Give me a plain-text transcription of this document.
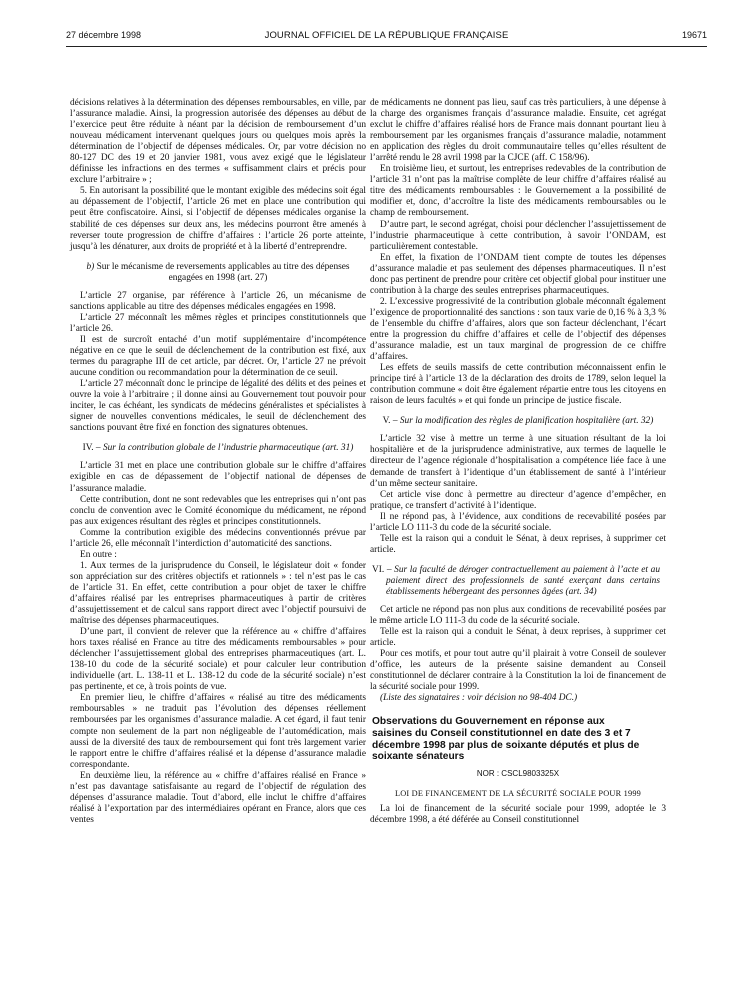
27 décembre 1998	JOURNAL OFFICIEL DE LA RÉPUBLIQUE FRANÇAISE	19671

décisions relatives à la détermination des dépenses remboursables, en ville, par l’assurance maladie. Ainsi, la progression autorisée des dépenses au début de l’exercice peut être réduite à néant par la décision de remboursement d’un nouveau médicament intervenant quelques jours ou quelques mois après la détermination de l’objectif de dépenses médicales. Or, par votre décision no 80-127 DC des 19 et 20 janvier 1981, vous avez exigé que le législateur définisse les infractions en des termes « suffisamment clairs et précis pour exclure l’arbitraire » ;

5. En autorisant la possibilité que le montant exigible des médecins soit égal au dépassement de l’objectif, l’article 26 met en place une contribution qui peut être confiscatoire. Ainsi, si l’objectif de dépenses médicales organise la stabilité de ces dépenses sur deux ans, les médecins pourront être amenés à reverser toute progression de chiffre d’affaires : l’article 26 porte atteinte, jusqu’à les dénaturer, aux droits de propriété et à la liberté d’entreprendre.

b) Sur le mécanisme de reversements applicables au titre des dépenses engagées en 1998 (art. 27)

L’article 27 organise, par référence à l’article 26, un mécanisme de sanctions applicable au titre des dépenses médicales engagées en 1998.

L’article 27 méconnaît les mêmes règles et principes constitutionnels que l’article 26.

Il est de surcroît entaché d’un motif supplémentaire d’incompétence négative en ce que le seuil de déclenchement de la contribution est fixé, aux termes du paragraphe III de cet article, par décret. Or, l’article 27 ne prévoit aucune condition ou recommandation pour la détermination de ce seuil.

L’article 27 méconnaît donc le principe de légalité des délits et des peines et ouvre la voie à l’arbitraire ; il donne ainsi au Gouvernement tout pouvoir pour inciter, le cas échéant, les syndicats de médecins généralistes et spécialistes à signer de nouvelles conventions médicales, le seuil de déclenchement des sanctions pouvant être fixé en fonction des signatures obtenues.

IV. – Sur la contribution globale de l’industrie pharmaceutique (art. 31)

L’article 31 met en place une contribution globale sur le chiffre d’affaires exigible en cas de dépassement de l’objectif national de dépenses de l’assurance maladie.

Cette contribution, dont ne sont redevables que les entreprises qui n’ont pas conclu de convention avec le Comité économique du médicament, ne répond pas aux exigences résultant des règles et principes constitutionnels.

Comme la contribution exigible des médecins conventionnés prévue par l’article 26, elle méconnaît l’interdiction d’automaticité des sanctions.

En outre :

1. Aux termes de la jurisprudence du Conseil, le législateur doit « fonder son appréciation sur des critères objectifs et rationnels » : tel n’est pas le cas de l’article 31. En effet, cette contribution a pour objet de taxer le chiffre d’affaires réalisé par les entreprises pharmaceutiques à partir de critères d’assujettissement et de calcul sans rapport direct avec l’objectif poursuivi de maîtrise des dépenses pharmaceutiques.

D’une part, il convient de relever que la référence au « chiffre d’affaires hors taxes réalisé en France au titre des médicaments remboursables » pour déclencher l’assujettissement global des entreprises pharmaceutiques (art. L. 138-10 du code de la sécurité sociale) et pour calculer leur contribution individuelle (art. L. 138-11 et L. 138-12 du code de la sécurité sociale) n’est pas pertinente, et ce, à trois points de vue.

En premier lieu, le chiffre d’affaires « réalisé au titre des médicaments remboursables » ne traduit pas l’évolution des dépenses réellement remboursées par les organismes d’assurance maladie. A cet égard, il faut tenir compte non seulement de la part non négligeable de l’automédication, mais aussi de la diversité des taux de remboursement qui font très largement varier le rapport entre le chiffre d’affaires réalisé et la dépense d’assurance maladie correspondante.

En deuxième lieu, la référence au « chiffre d’affaires réalisé en France » n’est pas davantage satisfaisante au regard de l’objectif de régulation des dépenses d’assurance maladie. Tout d’abord, elle inclut le chiffre d’affaires réalisé à l’exportation par des intermédiaires opérant en France, alors que ces ventes

de médicaments ne donnent pas lieu, sauf cas très particuliers, à une dépense à la charge des organismes français d’assurance maladie. Ensuite, cet agrégat exclut le chiffre d’affaires réalisé hors de France mais donnant pourtant lieu à remboursement par les organismes français d’assurance maladie, notamment en application des règles du droit communautaire telles qu’elles résultent de l’arrêté rendu le 28 avril 1998 par la CJCE (aff. C 158/96).

En troisième lieu, et surtout, les entreprises redevables de la contribution de l’article 31 n’ont pas la maîtrise complète de leur chiffre d’affaires réalisé au titre des médicaments remboursables : le Gouvernement a la possibilité de modifier et, donc, d’accroître la liste des médicaments remboursables ou le champ de remboursement.

D’autre part, le second agrégat, choisi pour déclencher l’assujettissement de l’industrie pharmaceutique à cette contribution, à savoir l’ONDAM, est particulièrement contestable.

En effet, la fixation de l’ONDAM tient compte de toutes les dépenses d’assurance maladie et pas seulement des dépenses pharmaceutiques. Il n’est donc pas pertinent de prendre pour critère cet objectif global pour instituer une contribution à la charge des seules entreprises pharmaceutiques.

2. L’excessive progressivité de la contribution globale méconnaît également l’exigence de proportionnalité des sanctions : son taux varie de 0,16 % à 3,3 % de l’ensemble du chiffre d’affaires, alors que son facteur déclenchant, l’écart entre la progression du chiffre d’affaires et celle de l’objectif des dépenses d’assurance maladie, est un taux marginal de progression de ce chiffre d’affaires.

Les effets de seuils massifs de cette contribution méconnaissent enfin le principe tiré à l’article 13 de la déclaration des droits de 1789, selon lequel la contribution commune « doit être également répartie entre tous les citoyens en raison de leurs facultés » et qui fonde un principe de justice fiscale.

V. – Sur la modification des règles de planification hospitalière (art. 32)

L’article 32 vise à mettre un terme à une situation résultant de la loi hospitalière et de la jurisprudence administrative, aux termes de laquelle le directeur de l’agence régionale d’hospitalisation a compétence liée face à une demande de transfert à l’identique d’un établissement de santé à l’intérieur d’un même secteur sanitaire.

Cet article vise donc à permettre au directeur d’agence d’empêcher, en pratique, ce transfert d’activité à l’identique.

Il ne répond pas, à l’évidence, aux conditions de recevabilité posées par l’article LO 111-3 du code de la sécurité sociale.

Telle est la raison qui a conduit le Sénat, à deux reprises, à supprimer cet article.

VI. – Sur la faculté de déroger contractuellement au paiement à l’acte et au paiement direct des professionnels de santé exerçant dans certains établissements hébergeant des personnes âgées (art. 34)

Cet article ne répond pas non plus aux conditions de recevabilité posées par le même article LO 111-3 du code de la sécurité sociale.

Telle est la raison qui a conduit le Sénat, à deux reprises, à supprimer cet article.

Pour ces motifs, et pour tout autre qu’il plairait à votre Conseil de soulever d’office, les auteurs de la présente saisine demandent au Conseil constitutionnel de déclarer contraire à la Constitution la loi de financement de la sécurité sociale pour 1999.

(Liste des signataires : voir décision no 98-404 DC.)

Observations du Gouvernement en réponse aux saisines du Conseil constitutionnel en date des 3 et 7 décembre 1998 par plus de soixante députés et plus de soixante sénateurs
NOR : CSCL9803325X
LOI DE FINANCEMENT DE LA SÉCURITÉ SOCIALE POUR 1999

La loi de financement de la sécurité sociale pour 1999, adoptée le 3 décembre 1998, a été déférée au Conseil constitutionnel
